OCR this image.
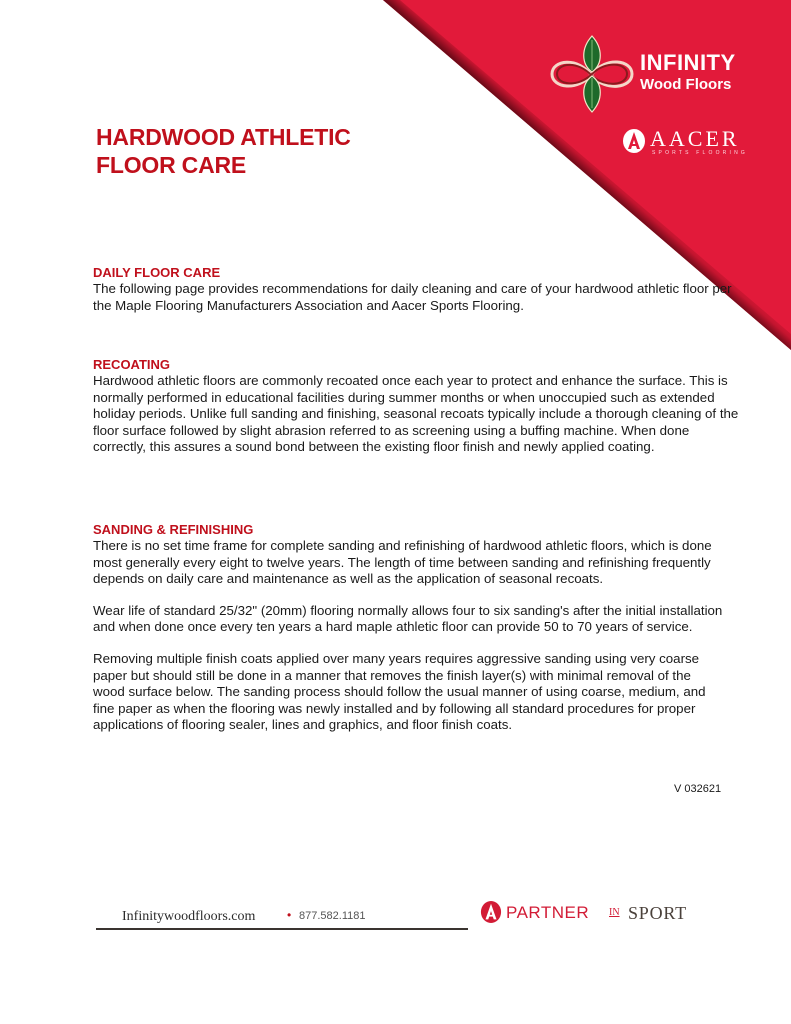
INFINITY
Wood Floors
AACER
SPORTS FLOORING
HARDWOOD ATHLETIC
FLOOR CARE
DAILY FLOOR CARE

The following page provides recommendations for daily cleaning and care of your hardwood athletic floor per the Maple Flooring Manufacturers Association and Aacer Sports Flooring.

RECOATING

Hardwood athletic floors are commonly recoated once each year to protect and enhance the surface. This is normally performed in educational facilities during summer months or when unoccupied such as extended holiday periods. Unlike full sanding and finishing, seasonal recoats typically include a thorough cleaning of the floor surface followed by slight abrasion referred to as screening using a buffing machine. When done correctly, this assures a sound bond between the existing floor finish and newly applied coating.

SANDING & REFINISHING

There is no set time frame for complete sanding and refinishing of hardwood athletic floors, which is done most generally every eight to twelve years. The length of time between sanding and refinishing frequently depends on daily care and maintenance as well as the application of seasonal recoats.

Wear life of standard 25/32" (20mm) flooring normally allows four to six sanding's after the initial installation and when done once every ten years a hard maple athletic floor can provide 50 to 70 years of service.

Removing multiple finish coats applied over many years requires aggressive sanding using very coarse paper but should still be done in a manner that removes the finish layer(s) with minimal removal of the wood surface below. The sanding process should follow the usual manner of using coarse, medium, and fine paper as when the flooring was newly installed and by following all standard procedures for proper applications of flooring sealer, lines and graphics, and floor finish coats.

V 032621
Infinitywoodfloors.com	• 877.582.1181	PARTNER IN SPORT
